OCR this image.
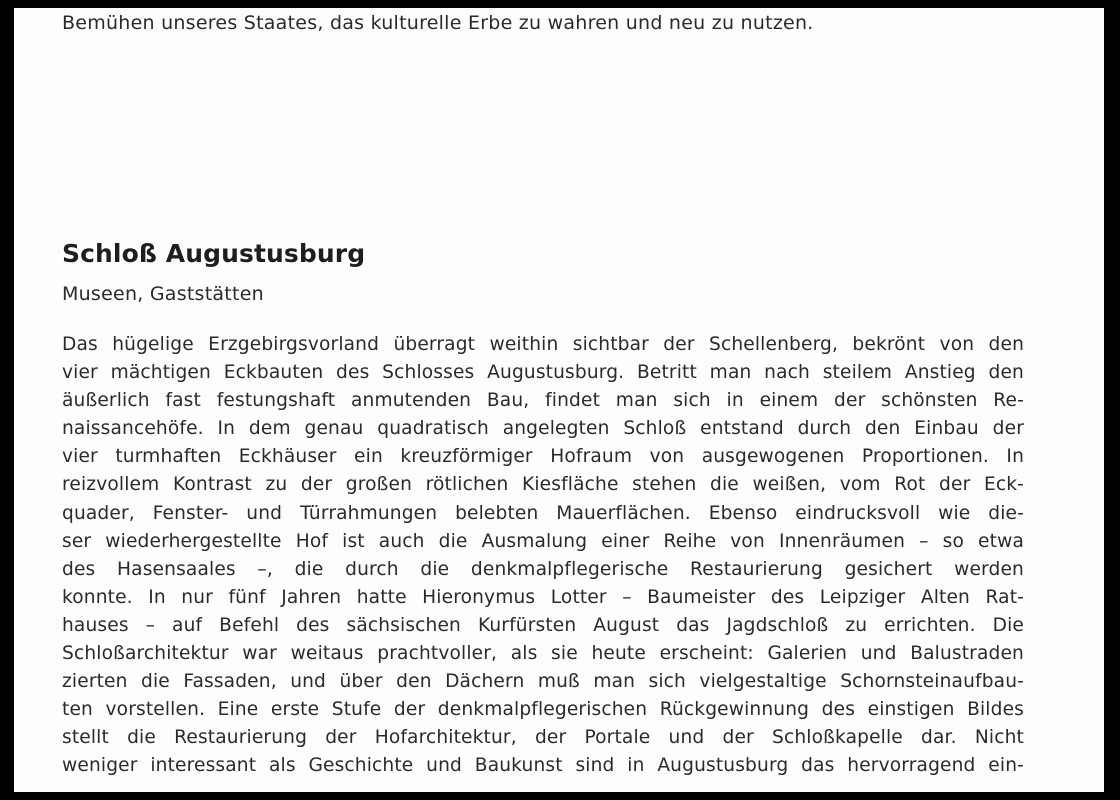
Bemühen unseres Staates, das kulturelle Erbe zu wahren und neu zu nutzen.
Schloß Augustusburg
Museen, Gaststätten
Das hügelige Erzgebirgsvorland überragt weithin sichtbar der Schellenberg, bekrönt von den
vier mächtigen Eckbauten des Schlosses Augustusburg. Betritt man nach steilem Anstieg den
äußerlich fast festungshaft anmutenden Bau, findet man sich in einem der schönsten Re-
naissancehöfe. In dem genau quadratisch angelegten Schloß entstand durch den Einbau der
vier turmhaften Eckhäuser ein kreuzförmiger Hofraum von ausgewogenen Proportionen. In
reizvollem Kontrast zu der großen rötlichen Kiesfläche stehen die weißen, vom Rot der Eck-
quader, Fenster- und Türrahmungen belebten Mauerflächen. Ebenso eindrucksvoll wie die-
ser wiederhergestellte Hof ist auch die Ausmalung einer Reihe von Innenräumen – so etwa
des Hasensaales –, die durch die denkmalpflegerische Restaurierung gesichert werden
konnte. In nur fünf Jahren hatte Hieronymus Lotter – Baumeister des Leipziger Alten Rat-
hauses – auf Befehl des sächsischen Kurfürsten August das Jagdschloß zu errichten. Die
Schloßarchitektur war weitaus prachtvoller, als sie heute erscheint: Galerien und Balustraden
zierten die Fassaden, und über den Dächern muß man sich vielgestaltige Schornsteinaufbau-
ten vorstellen. Eine erste Stufe der denkmalpflegerischen Rückgewinnung des einstigen Bildes
stellt die Restaurierung der Hofarchitektur, der Portale und der Schloßkapelle dar. Nicht
weniger interessant als Geschichte und Baukunst sind in Augustusburg das hervorragend ein-
